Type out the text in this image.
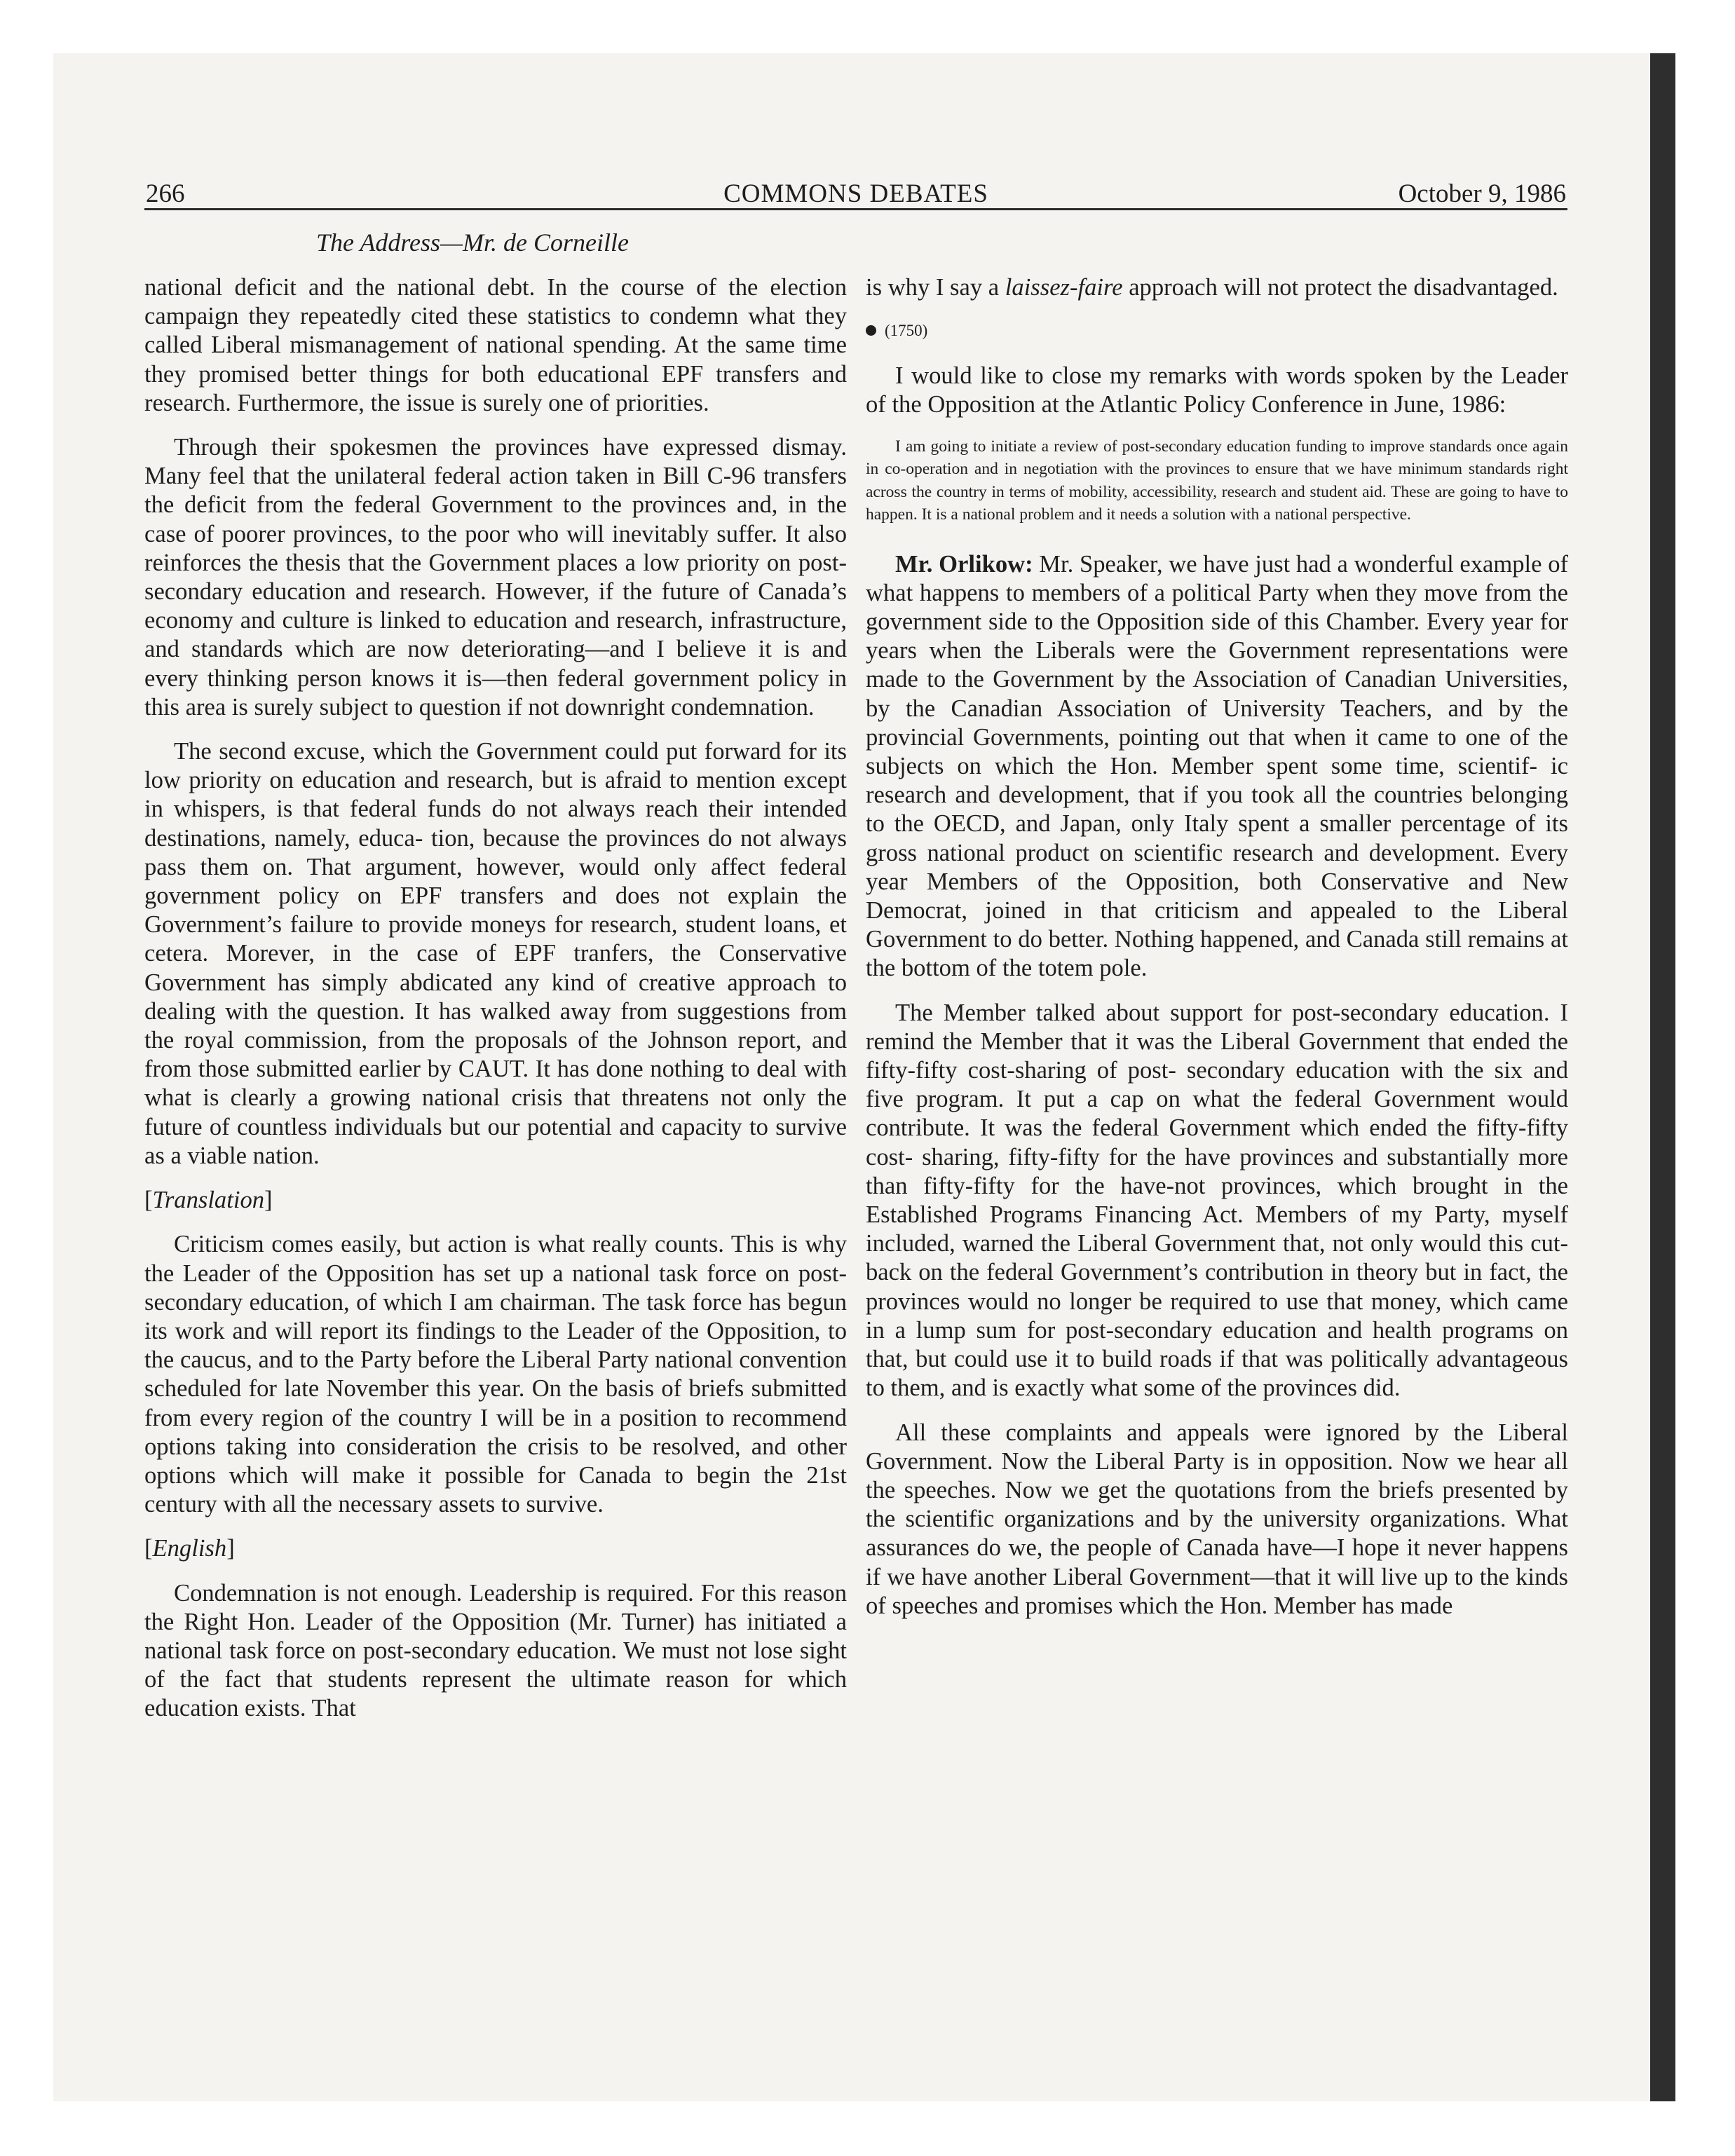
266	COMMONS DEBATES	October 9, 1986
The Address—Mr. de Corneille

national deficit and the national debt. In the course of the election campaign they repeatedly cited these statistics to condemn what they called Liberal mismanagement of national spending. At the same time they promised better things for both educational EPF transfers and research. Furthermore, the issue is surely one of priorities.

Through their spokesmen the provinces have expressed dismay. Many feel that the unilateral federal action taken in Bill C-96 transfers the deficit from the federal Government to the provinces and, in the case of poorer provinces, to the poor who will inevitably suffer. It also reinforces the thesis that the Government places a low priority on post-secondary education and research. However, if the future of Canada’s economy and culture is linked to education and research, infrastructure, and standards which are now deteriorating—and I believe it is and every thinking person knows it is—then federal government policy in this area is surely subject to question if not downright condemnation.

The second excuse, which the Government could put forward for its low priority on education and research, but is afraid to mention except in whispers, is that federal funds do not always reach their intended destinations, namely, educa- tion, because the provinces do not always pass them on. That argument, however, would only affect federal government policy on EPF transfers and does not explain the Government’s failure to provide moneys for research, student loans, et cetera. Morever, in the case of EPF tranfers, the Conservative Government has simply abdicated any kind of creative approach to dealing with the question. It has walked away from suggestions from the royal commission, from the proposals of the Johnson report, and from those submitted earlier by CAUT. It has done nothing to deal with what is clearly a growing national crisis that threatens not only the future of countless individuals but our potential and capacity to survive as a viable nation.

[Translation]

Criticism comes easily, but action is what really counts. This is why the Leader of the Opposition has set up a national task force on post-secondary education, of which I am chairman. The task force has begun its work and will report its findings to the Leader of the Opposition, to the caucus, and to the Party before the Liberal Party national convention scheduled for late November this year. On the basis of briefs submitted from every region of the country I will be in a position to recommend options taking into consideration the crisis to be resolved, and other options which will make it possible for Canada to begin the 21st century with all the necessary assets to survive.

[English]

Condemnation is not enough. Leadership is required. For this reason the Right Hon. Leader of the Opposition (Mr. Turner) has initiated a national task force on post-secondary education. We must not lose sight of the fact that students represent the ultimate reason for which education exists. That

is why I say a laissez-faire approach will not protect the disadvantaged.

(1750)

I would like to close my remarks with words spoken by the Leader of the Opposition at the Atlantic Policy Conference in June, 1986:

I am going to initiate a review of post-secondary education funding to improve standards once again in co-operation and in negotiation with the provinces to ensure that we have minimum standards right across the country in terms of mobility, accessibility, research and student aid. These are going to have to happen. It is a national problem and it needs a solution with a national perspective.

Mr. Orlikow: Mr. Speaker, we have just had a wonderful example of what happens to members of a political Party when they move from the government side to the Opposition side of this Chamber. Every year for years when the Liberals were the Government representations were made to the Government by the Association of Canadian Universities, by the Canadian Association of University Teachers, and by the provincial Governments, pointing out that when it came to one of the subjects on which the Hon. Member spent some time, scientif- ic research and development, that if you took all the countries belonging to the OECD, and Japan, only Italy spent a smaller percentage of its gross national product on scientific research and development. Every year Members of the Opposition, both Conservative and New Democrat, joined in that criticism and appealed to the Liberal Government to do better. Nothing happened, and Canada still remains at the bottom of the totem pole.

The Member talked about support for post-secondary education. I remind the Member that it was the Liberal Government that ended the fifty-fifty cost-sharing of post- secondary education with the six and five program. It put a cap on what the federal Government would contribute. It was the federal Government which ended the fifty-fifty cost- sharing, fifty-fifty for the have provinces and substantially more than fifty-fifty for the have-not provinces, which brought in the Established Programs Financing Act. Members of my Party, myself included, warned the Liberal Government that, not only would this cut-back on the federal Government’s contribution in theory but in fact, the provinces would no longer be required to use that money, which came in a lump sum for post-secondary education and health programs on that, but could use it to build roads if that was politically advantageous to them, and is exactly what some of the provinces did.

All these complaints and appeals were ignored by the Liberal Government. Now the Liberal Party is in opposition. Now we hear all the speeches. Now we get the quotations from the briefs presented by the scientific organizations and by the university organizations. What assurances do we, the people of Canada have—I hope it never happens if we have another Liberal Government—that it will live up to the kinds of speeches and promises which the Hon. Member has made
